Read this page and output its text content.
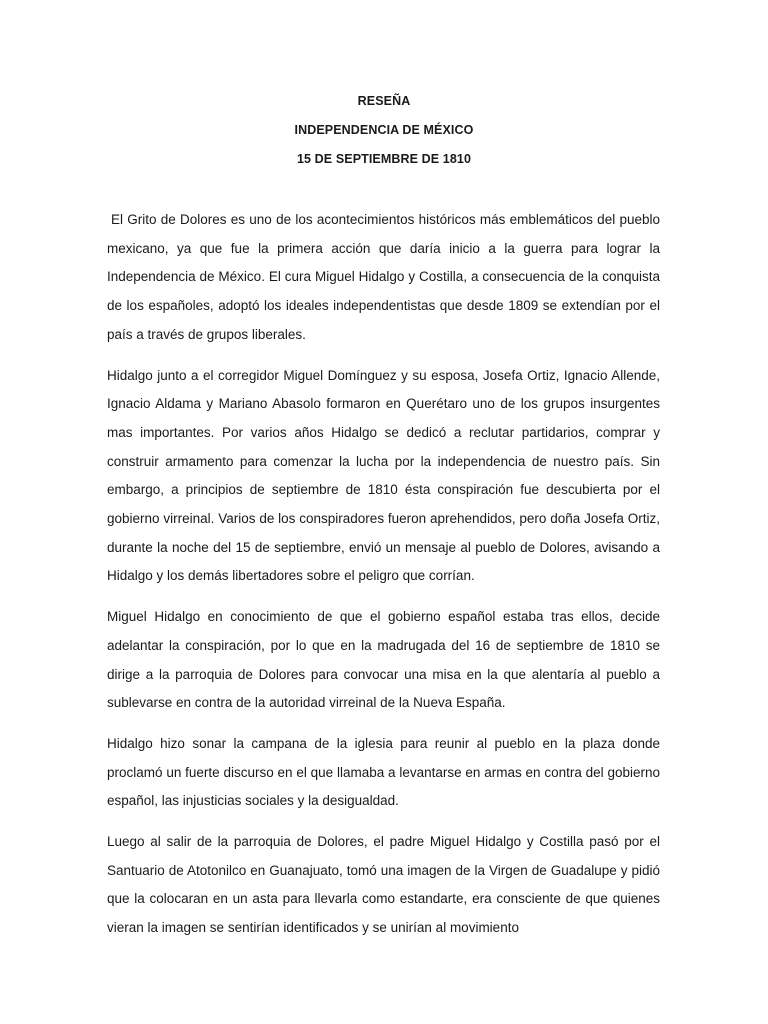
RESEÑA
INDEPENDENCIA DE MÉXICO
15 DE SEPTIEMBRE DE 1810

El Grito de Dolores es uno de los acontecimientos históricos más emblemáticos del pueblo mexicano, ya que fue la primera acción que daría inicio a la guerra para lograr la Independencia de México. El cura Miguel Hidalgo y Costilla, a consecuencia de la conquista de los españoles, adoptó los ideales independentistas que desde 1809 se extendían por el país a través de grupos liberales.

Hidalgo junto a el corregidor Miguel Domínguez y su esposa, Josefa Ortiz, Ignacio Allende, Ignacio Aldama y Mariano Abasolo formaron en Querétaro uno de los grupos insurgentes mas importantes. Por varios años Hidalgo se dedicó a reclutar partidarios, comprar y construir armamento para comenzar la lucha por la independencia de nuestro país. Sin embargo, a principios de septiembre de 1810 ésta conspiración fue descubierta por el gobierno virreinal. Varios de los conspiradores fueron aprehendidos, pero doña Josefa Ortiz, durante la noche del 15 de septiembre, envió un mensaje al pueblo de Dolores, avisando a Hidalgo y los demás libertadores sobre el peligro que corrían.

Miguel Hidalgo en conocimiento de que el gobierno español estaba tras ellos, decide adelantar la conspiración, por lo que en la madrugada del 16 de septiembre de 1810 se dirige a la parroquia de Dolores para convocar una misa en la que alentaría al pueblo a sublevarse en contra de la autoridad virreinal de la Nueva España.

Hidalgo hizo sonar la campana de la iglesia para reunir al pueblo en la plaza donde proclamó un fuerte discurso en el que llamaba a levantarse en armas en contra del gobierno español, las injusticias sociales y la desigualdad.

Luego al salir de la parroquia de Dolores, el padre Miguel Hidalgo y Costilla pasó por el Santuario de Atotonilco en Guanajuato, tomó una imagen de la Virgen de Guadalupe y pidió que la colocaran en un asta para llevarla como estandarte, era consciente de que quienes vieran la imagen se sentirían identificados y se unirían al movimiento
